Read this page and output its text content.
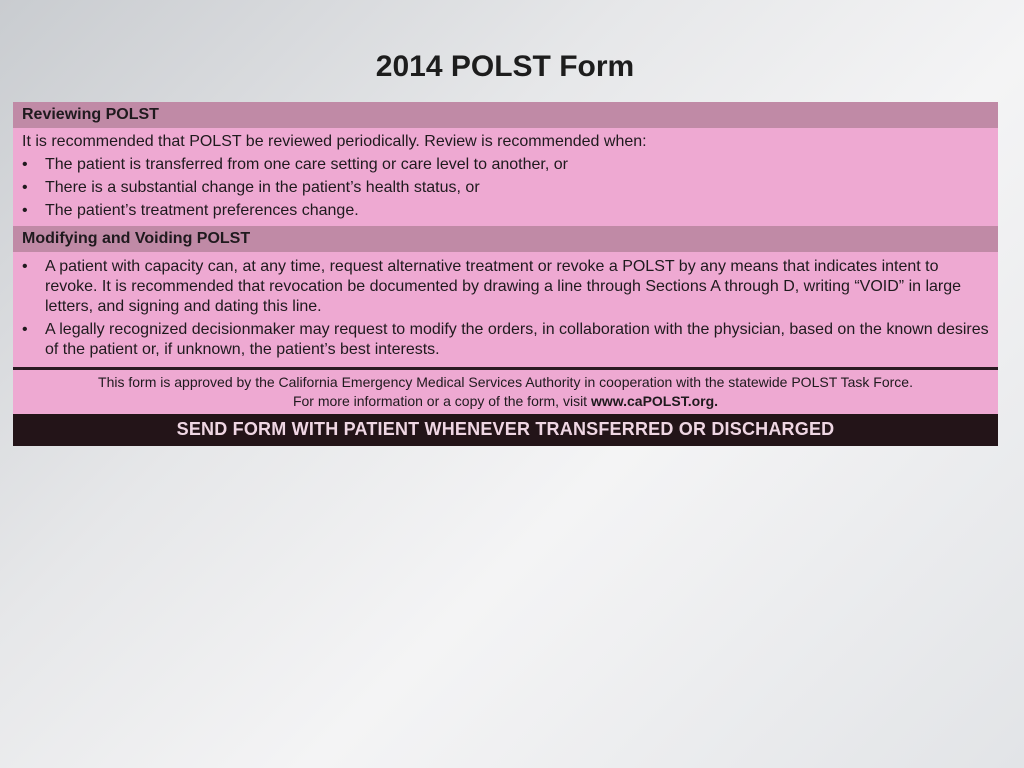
2014 POLST Form
Reviewing POLST

It is recommended that POLST be reviewed periodically. Review is recommended when:

• The patient is transferred from one care setting or care level to another, or
• There is a substantial change in the patient’s health status, or
• The patient’s treatment preferences change.
Modifying and Voiding POLST
• A patient with capacity can, at any time, request alternative treatment or revoke a POLST by any means that indicates intent to revoke. It is recommended that revocation be documented by drawing a line through Sections A through D, writing “VOID” in large letters, and signing and dating this line.
• A legally recognized decisionmaker may request to modify the orders, in collaboration with the physician, based on the known desires of the patient or, if unknown, the patient’s best interests.
This form is approved by the California Emergency Medical Services Authority in cooperation with the statewide POLST Task Force.
For more information or a copy of the form, visit www.caPOLST.org.
SEND FORM WITH PATIENT WHENEVER TRANSFERRED OR DISCHARGED
